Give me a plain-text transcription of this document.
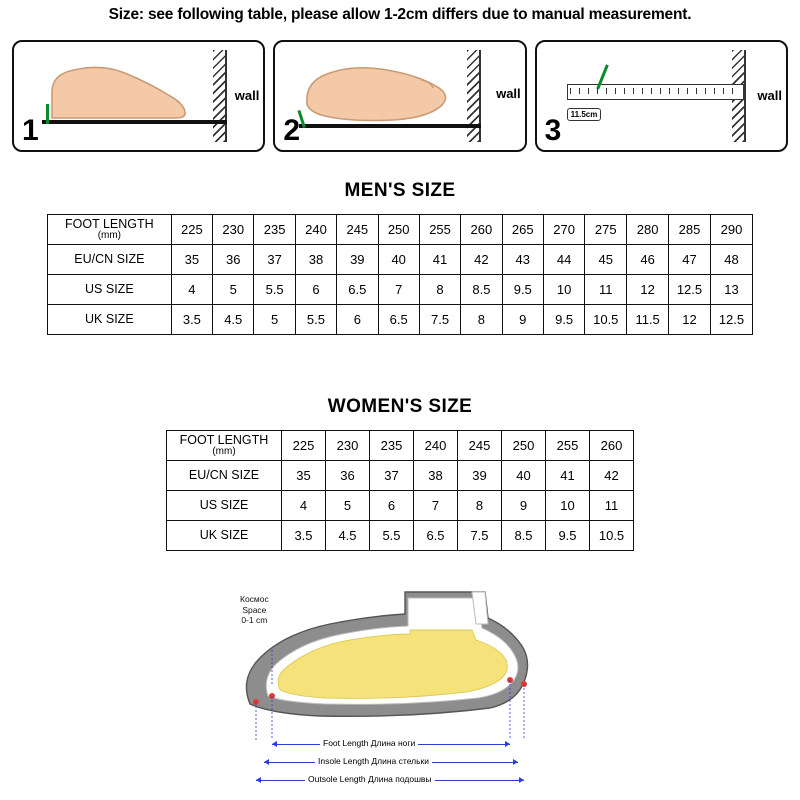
Size: see following table, please allow 1-2cm differs due to manual measurement.
1
wall
2
wall
11.5cm
3
wall
MEN'S SIZE
FOOT LENGTH
(mm)	225	230	235	240	245	250	255	260	265	270	275	280	285	290
EU/CN SIZE	35	36	37	38	39	40	41	42	43	44	45	46	47	48
US SIZE	4	5	5.5	6	6.5	7	8	8.5	9.5	10	11	12	12.5	13
UK SIZE	3.5	4.5	5	5.5	6	6.5	7.5	8	9	9.5	10.5	11.5	12	12.5
WOMEN'S SIZE
FOOT LENGTH
(mm)	225	230	235	240	245	250	255	260
EU/CN SIZE	35	36	37	38	39	40	41	42
US SIZE	4	5	6	7	8	9	10	11
UK SIZE	3.5	4.5	5.5	6.5	7.5	8.5	9.5	10.5
Космос
Space
0-1 cm
Foot Length Длина ноги
Insole Length Длина стельки
Outsole Length Длина подошвы
